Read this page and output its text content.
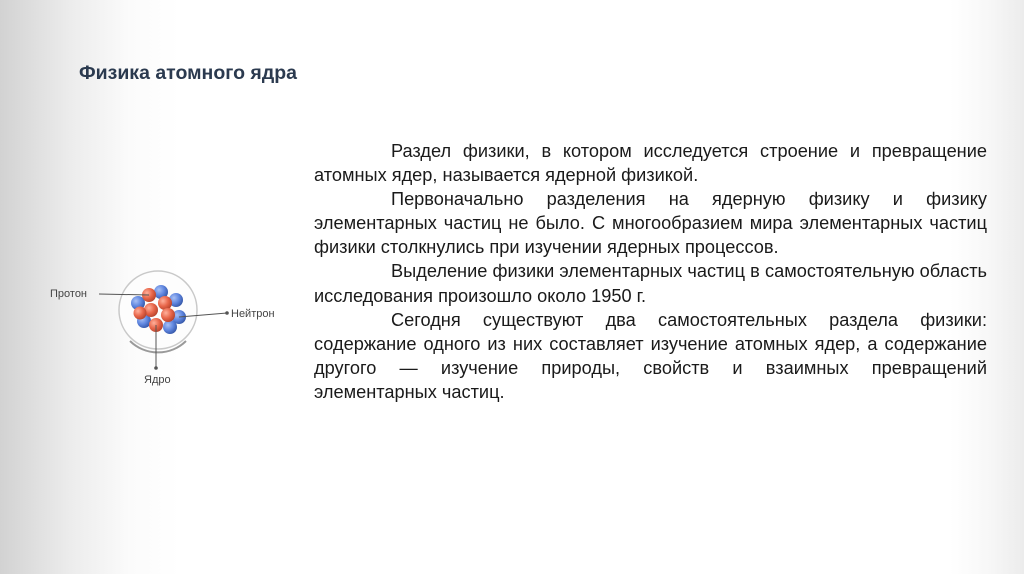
Физика атомного ядра
Протон
Нейтрон
Ядро

Раздел физики, в котором исследуется строение и превращение атомных ядер, называется ядерной физикой.

Первоначально разделения на ядерную физику и физику элементарных частиц не было. С многообразием мира элементарных частиц физики столкнулись при изучении ядерных процессов.

Выделение физики элементарных частиц в самостоятельную область исследования произошло около 1950 г.

Сегодня существуют два самостоятельных раздела физики: содержание одного из них составляет изучение атомных ядер, а содержание другого — изучение природы, свойств и взаимных превращений элементарных частиц.
